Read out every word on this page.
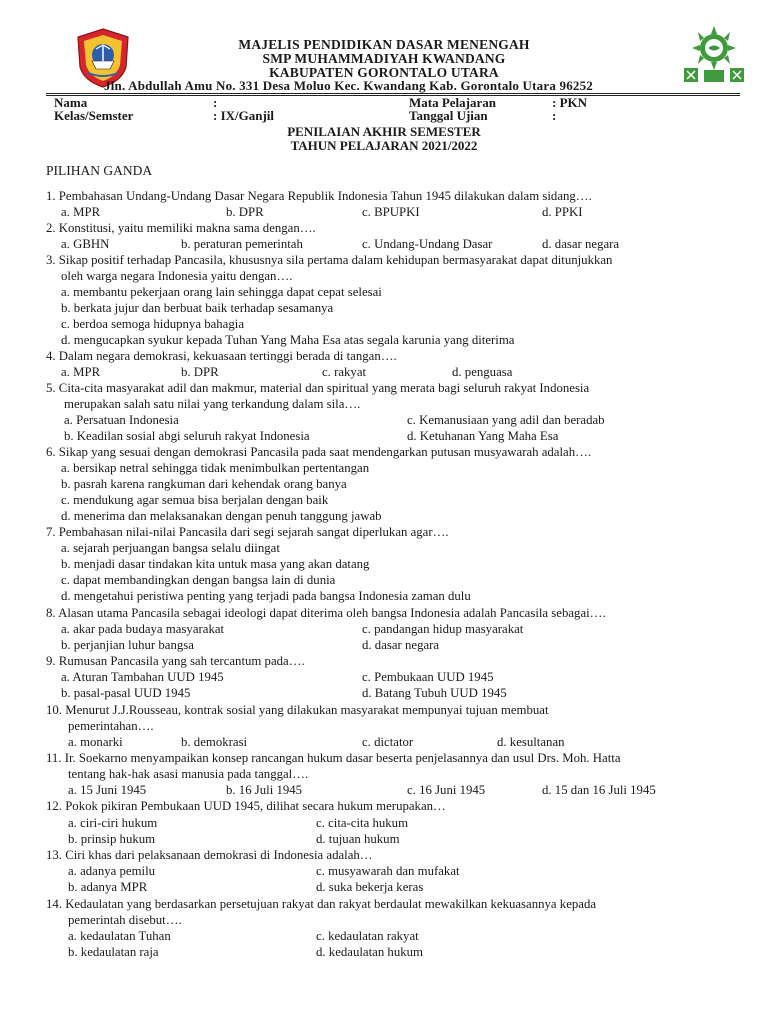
MAJELIS PENDIDIKAN DASAR MENENGAH
SMP MUHAMMADIYAH KWANDANG
KABUPATEN GORONTALO UTARA
Jln. Abdullah Amu No. 331 Desa Moluo Kec. Kwandang Kab. Gorontalo Utara 96252
Nama	:	Mata Pelajaran	: PKN
Kelas/Semster	: IX/Ganjil	Tanggal Ujian	:
PENILAIAN AKHIR SEMESTER
TAHUN PELAJARAN 2021/2022
PILIHAN GANDA
1. Pembahasan Undang-Undang Dasar Negara Republik Indonesia Tahun 1945 dilakukan dalam sidang….
a. MPR	b. DPR	c. BPUPKI	d. PPKI
2. Konstitusi, yaitu memiliki makna sama dengan….
a. GBHN	b. peraturan pemerintah	c. Undang-Undang Dasar	d. dasar negara
3. Sikap positif terhadap Pancasila, khususnya sila pertama dalam kehidupan bermasyarakat dapat ditunjukkan
oleh warga negara Indonesia yaitu dengan….
a. membantu pekerjaan orang lain sehingga dapat cepat selesai
b. berkata jujur dan berbuat baik terhadap sesamanya
c. berdoa semoga hidupnya bahagia
d. mengucapkan syukur kepada Tuhan Yang Maha Esa atas segala karunia yang diterima
4. Dalam negara demokrasi, kekuasaan tertinggi berada di tangan….
a. MPR	b. DPR	c. rakyat	d. penguasa
5. Cita-cita masyarakat adil dan makmur, material dan spiritual yang merata bagi seluruh rakyat Indonesia
merupakan salah satu nilai yang terkandung dalam sila….
a. Persatuan Indonesia	c. Kemanusiaan yang adil dan beradab
b. Keadilan sosial abgi seluruh rakyat Indonesia	d. Ketuhanan Yang Maha Esa
6. Sikap yang sesuai dengan demokrasi Pancasila pada saat mendengarkan putusan musyawarah adalah….
a. bersikap netral sehingga tidak menimbulkan pertentangan
b. pasrah karena rangkuman dari kehendak orang banya
c. mendukung agar semua bisa berjalan dengan baik
d. menerima dan melaksanakan dengan penuh tanggung jawab
7. Pembahasan nilai-nilai Pancasila dari segi sejarah sangat diperlukan agar….
a. sejarah perjuangan bangsa selalu diingat
b. menjadi dasar tindakan kita untuk masa yang akan datang
c. dapat membandingkan dengan bangsa lain di dunia
d. mengetahui peristiwa penting yang terjadi pada bangsa Indonesia zaman dulu
8. Alasan utama Pancasila sebagai ideologi dapat diterima oleh bangsa Indonesia adalah Pancasila sebagai….
a. akar pada budaya masyarakat	c. pandangan hidup masyarakat
b. perjanjian luhur bangsa	d. dasar negara
9. Rumusan Pancasila yang sah tercantum pada….
a. Aturan Tambahan UUD 1945	c. Pembukaan UUD 1945
b. pasal-pasal UUD 1945	d. Batang Tubuh UUD 1945
10. Menurut J.J.Rousseau, kontrak sosial yang dilakukan masyarakat mempunyai tujuan membuat
pemerintahan….
a. monarki	b. demokrasi	c. dictator	d. kesultanan
11. Ir. Soekarno menyampaikan konsep rancangan hukum dasar beserta penjelasannya dan usul Drs. Moh. Hatta
tentang hak-hak asasi manusia pada tanggal….
a. 15 Juni 1945	b. 16 Juli 1945	c. 16 Juni 1945	d. 15 dan 16 Juli 1945
12. Pokok pikiran Pembukaan UUD 1945, dilihat secara hukum merupakan…
a. ciri-ciri hukum	c. cita-cita hukum
b. prinsip hukum	d. tujuan hukum
13. Ciri khas dari pelaksanaan demokrasi di Indonesia adalah…
a. adanya pemilu	c. musyawarah dan mufakat
b. adanya MPR	d. suka bekerja keras
14. Kedaulatan yang berdasarkan persetujuan rakyat dan rakyat berdaulat mewakilkan kekuasannya kepada
pemerintah disebut….
a. kedaulatan Tuhan	c. kedaulatan rakyat
b. kedaulatan raja	d. kedaulatan hukum
